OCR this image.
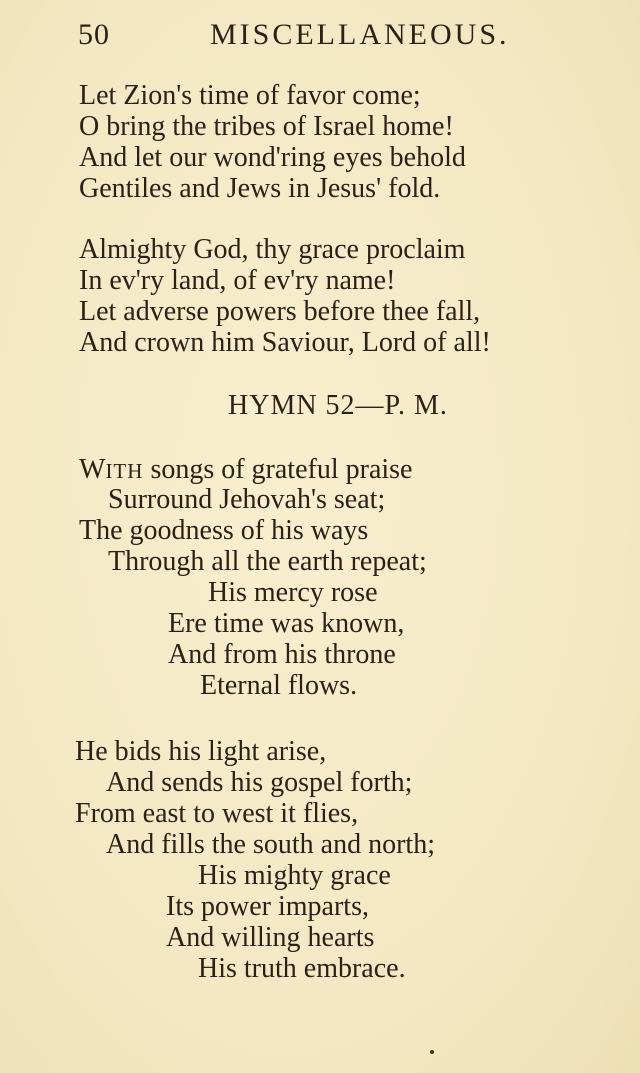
50	MISCELLANEOUS.
Let Zion's time of favor come;
O bring the tribes of Israel home!
And let our wond'ring eyes behold
Gentiles and Jews in Jesus' fold.
Almighty God, thy grace proclaim
In ev'ry land, of ev'ry name!
Let adverse powers before thee fall,
And crown him Saviour, Lord of all!
HYMN 52—P. M.
WITH songs of grateful praise
Surround Jehovah's seat;
The goodness of his ways
Through all the earth repeat;
His mercy rose
Ere time was known,
And from his throne
Eternal flows.
He bids his light arise,
And sends his gospel forth;
From east to west it flies,
And fills the south and north;
His mighty grace
Its power imparts,
And willing hearts
His truth embrace.
